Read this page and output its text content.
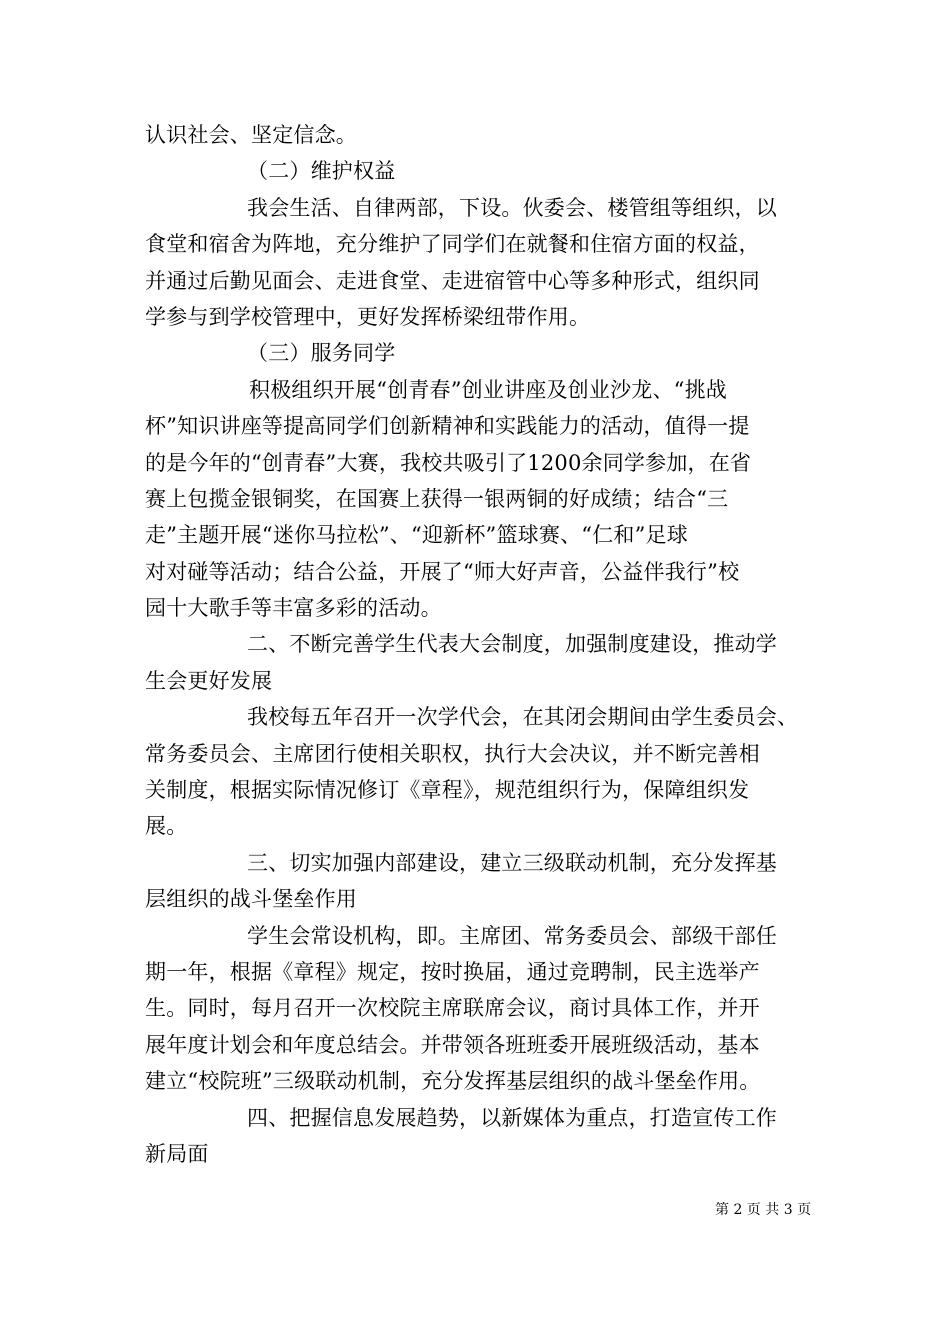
认识社会、坚定信念。
（二）维护权益
我会生活、自律两部，下设。伙委会、楼管组等组织，以
食堂和宿舍为阵地，充分维护了同学们在就餐和住宿方面的权益，
并通过后勤见面会、走进食堂、走进宿管中心等多种形式，组织同
学参与到学校管理中，更好发挥桥梁纽带作用。
（三）服务同学
积极组织开展“创青春”创业讲座及创业沙龙、“挑战
杯”知识讲座等提高同学们创新精神和实践能力的活动，值得一提
的是今年的“创青春”大赛，我校共吸引了1200余同学参加，在省
赛上包揽金银铜奖，在国赛上获得一银两铜的好成绩；结合“三
走”主题开展“迷你马拉松”、“迎新杯”篮球赛、“仁和”足球
对对碰等活动；结合公益，开展了“师大好声音，公益伴我行”校
园十大歌手等丰富多彩的活动。
二、不断完善学生代表大会制度，加强制度建设，推动学
生会更好发展
我校每五年召开一次学代会，在其闭会期间由学生委员会、
常务委员会、主席团行使相关职权，执行大会决议，并不断完善相
关制度，根据实际情况修订《章程》，规范组织行为，保障组织发
展。
三、切实加强内部建设，建立三级联动机制，充分发挥基
层组织的战斗堡垒作用
学生会常设机构，即。主席团、常务委员会、部级干部任
期一年，根据《章程》规定，按时换届，通过竞聘制，民主选举产
生。同时，每月召开一次校院主席联席会议，商讨具体工作，并开
展年度计划会和年度总结会。并带领各班班委开展班级活动，基本
建立“校院班”三级联动机制，充分发挥基层组织的战斗堡垒作用。
四、把握信息发展趋势，以新媒体为重点，打造宣传工作
新局面
第 2 页 共 3 页
